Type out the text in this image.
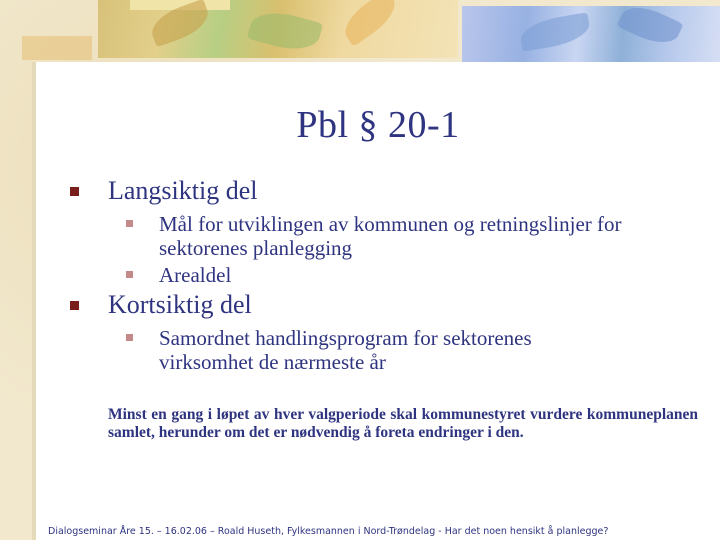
Pbl § 20-1
Langsiktig del
Mål for utviklingen av kommunen og retningslinjer for sektorenes planlegging
Arealdel
Kortsiktig del
Samordnet handlingsprogram for sektorenes virksomhet de nærmeste år
Minst en gang i løpet av hver valgperiode skal kommunestyret vurdere kommuneplanen samlet, herunder om det er nødvendig å foreta endringer i den.
Dialogseminar Åre 15. – 16.02.06 – Roald Huseth, Fylkesmannen i Nord-Trøndelag - Har det noen hensikt å planlegge?
